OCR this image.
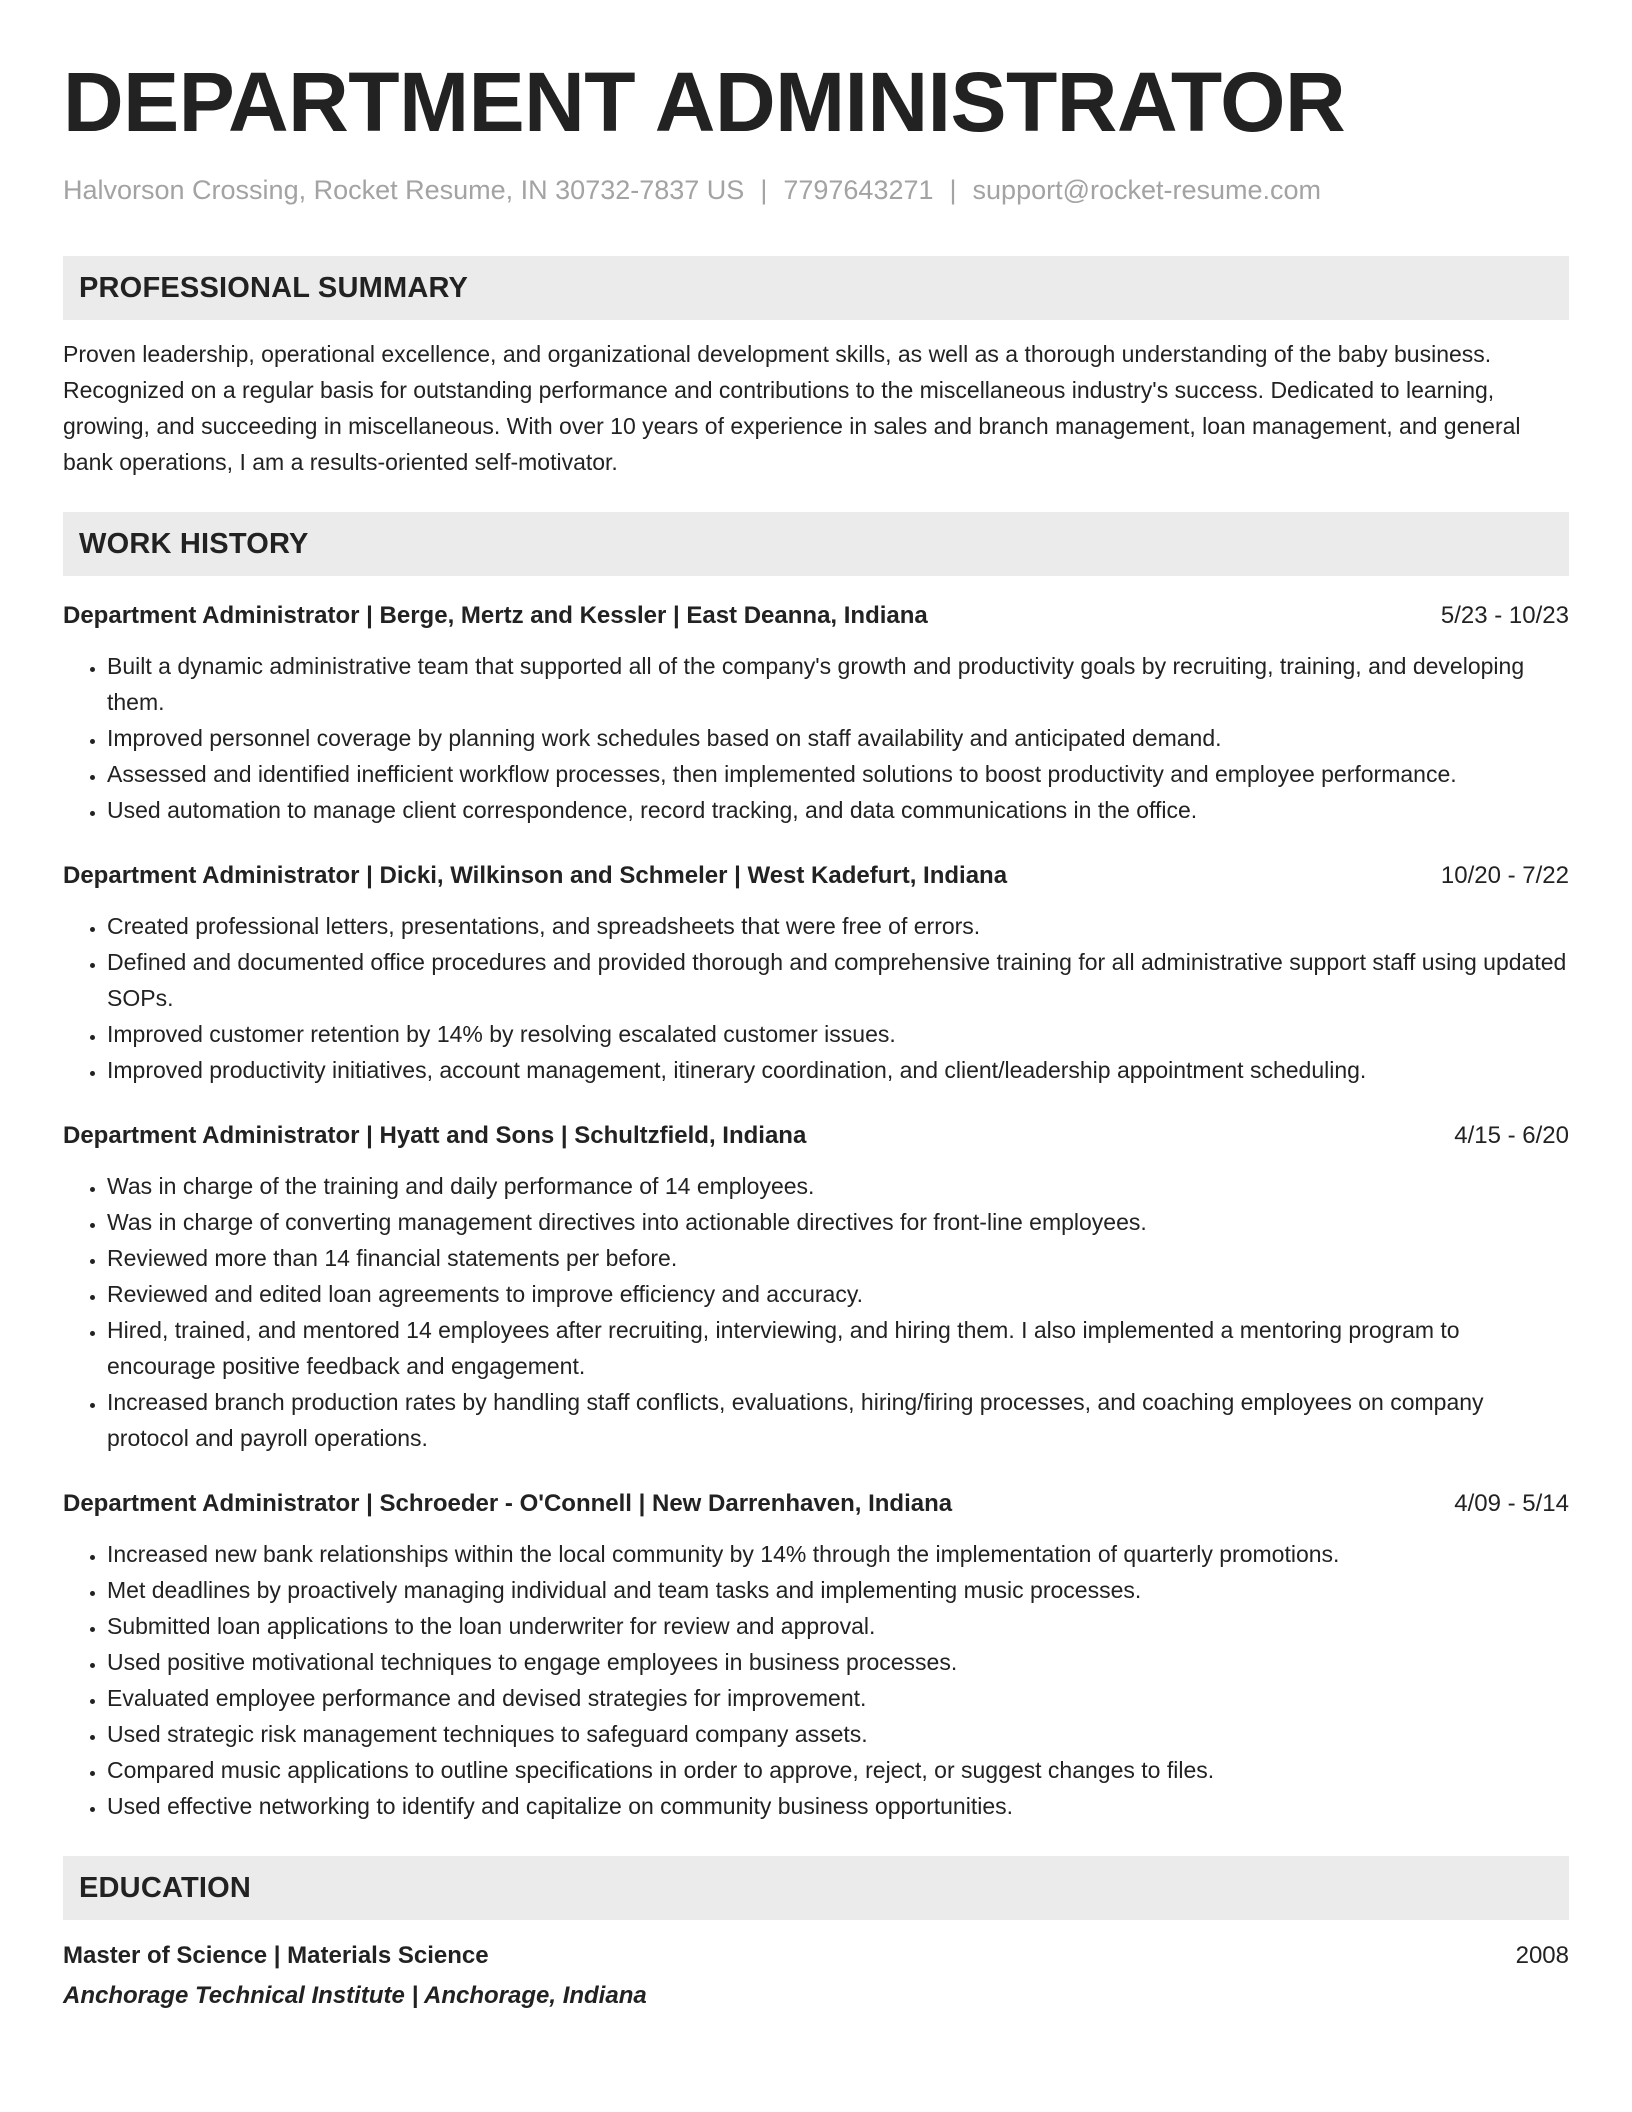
DEPARTMENT ADMINISTRATOR
Halvorson Crossing, Rocket Resume, IN 30732-7837 US | 7797643271 | support@rocket-resume.com
PROFESSIONAL SUMMARY
Proven leadership, operational excellence, and organizational development skills, as well as a thorough understanding of the baby business. Recognized on a regular basis for outstanding performance and contributions to the miscellaneous industry's success. Dedicated to learning, growing, and succeeding in miscellaneous. With over 10 years of experience in sales and branch management, loan management, and general bank operations, I am a results-oriented self-motivator.
WORK HISTORY
Department Administrator | Berge, Mertz and Kessler | East Deanna, Indiana	5/23 - 10/23
• Built a dynamic administrative team that supported all of the company's growth and productivity goals by recruiting, training, and developing them.
• Improved personnel coverage by planning work schedules based on staff availability and anticipated demand.
• Assessed and identified inefficient workflow processes, then implemented solutions to boost productivity and employee performance.
• Used automation to manage client correspondence, record tracking, and data communications in the office.
Department Administrator | Dicki, Wilkinson and Schmeler | West Kadefurt, Indiana	10/20 - 7/22
• Created professional letters, presentations, and spreadsheets that were free of errors.
• Defined and documented office procedures and provided thorough and comprehensive training for all administrative support staff using updated SOPs.
• Improved customer retention by 14% by resolving escalated customer issues.
• Improved productivity initiatives, account management, itinerary coordination, and client/leadership appointment scheduling.
Department Administrator | Hyatt and Sons | Schultzfield, Indiana	4/15 - 6/20
• Was in charge of the training and daily performance of 14 employees.
• Was in charge of converting management directives into actionable directives for front-line employees.
• Reviewed more than 14 financial statements per before.
• Reviewed and edited loan agreements to improve efficiency and accuracy.
• Hired, trained, and mentored 14 employees after recruiting, interviewing, and hiring them. I also implemented a mentoring program to encourage positive feedback and engagement.
• Increased branch production rates by handling staff conflicts, evaluations, hiring/firing processes, and coaching employees on company protocol and payroll operations.
Department Administrator | Schroeder - O'Connell | New Darrenhaven, Indiana	4/09 - 5/14
• Increased new bank relationships within the local community by 14% through the implementation of quarterly promotions.
• Met deadlines by proactively managing individual and team tasks and implementing music processes.
• Submitted loan applications to the loan underwriter for review and approval.
• Used positive motivational techniques to engage employees in business processes.
• Evaluated employee performance and devised strategies for improvement.
• Used strategic risk management techniques to safeguard company assets.
• Compared music applications to outline specifications in order to approve, reject, or suggest changes to files.
• Used effective networking to identify and capitalize on community business opportunities.
EDUCATION
Master of Science | Materials Science	2008
Anchorage Technical Institute | Anchorage, Indiana
